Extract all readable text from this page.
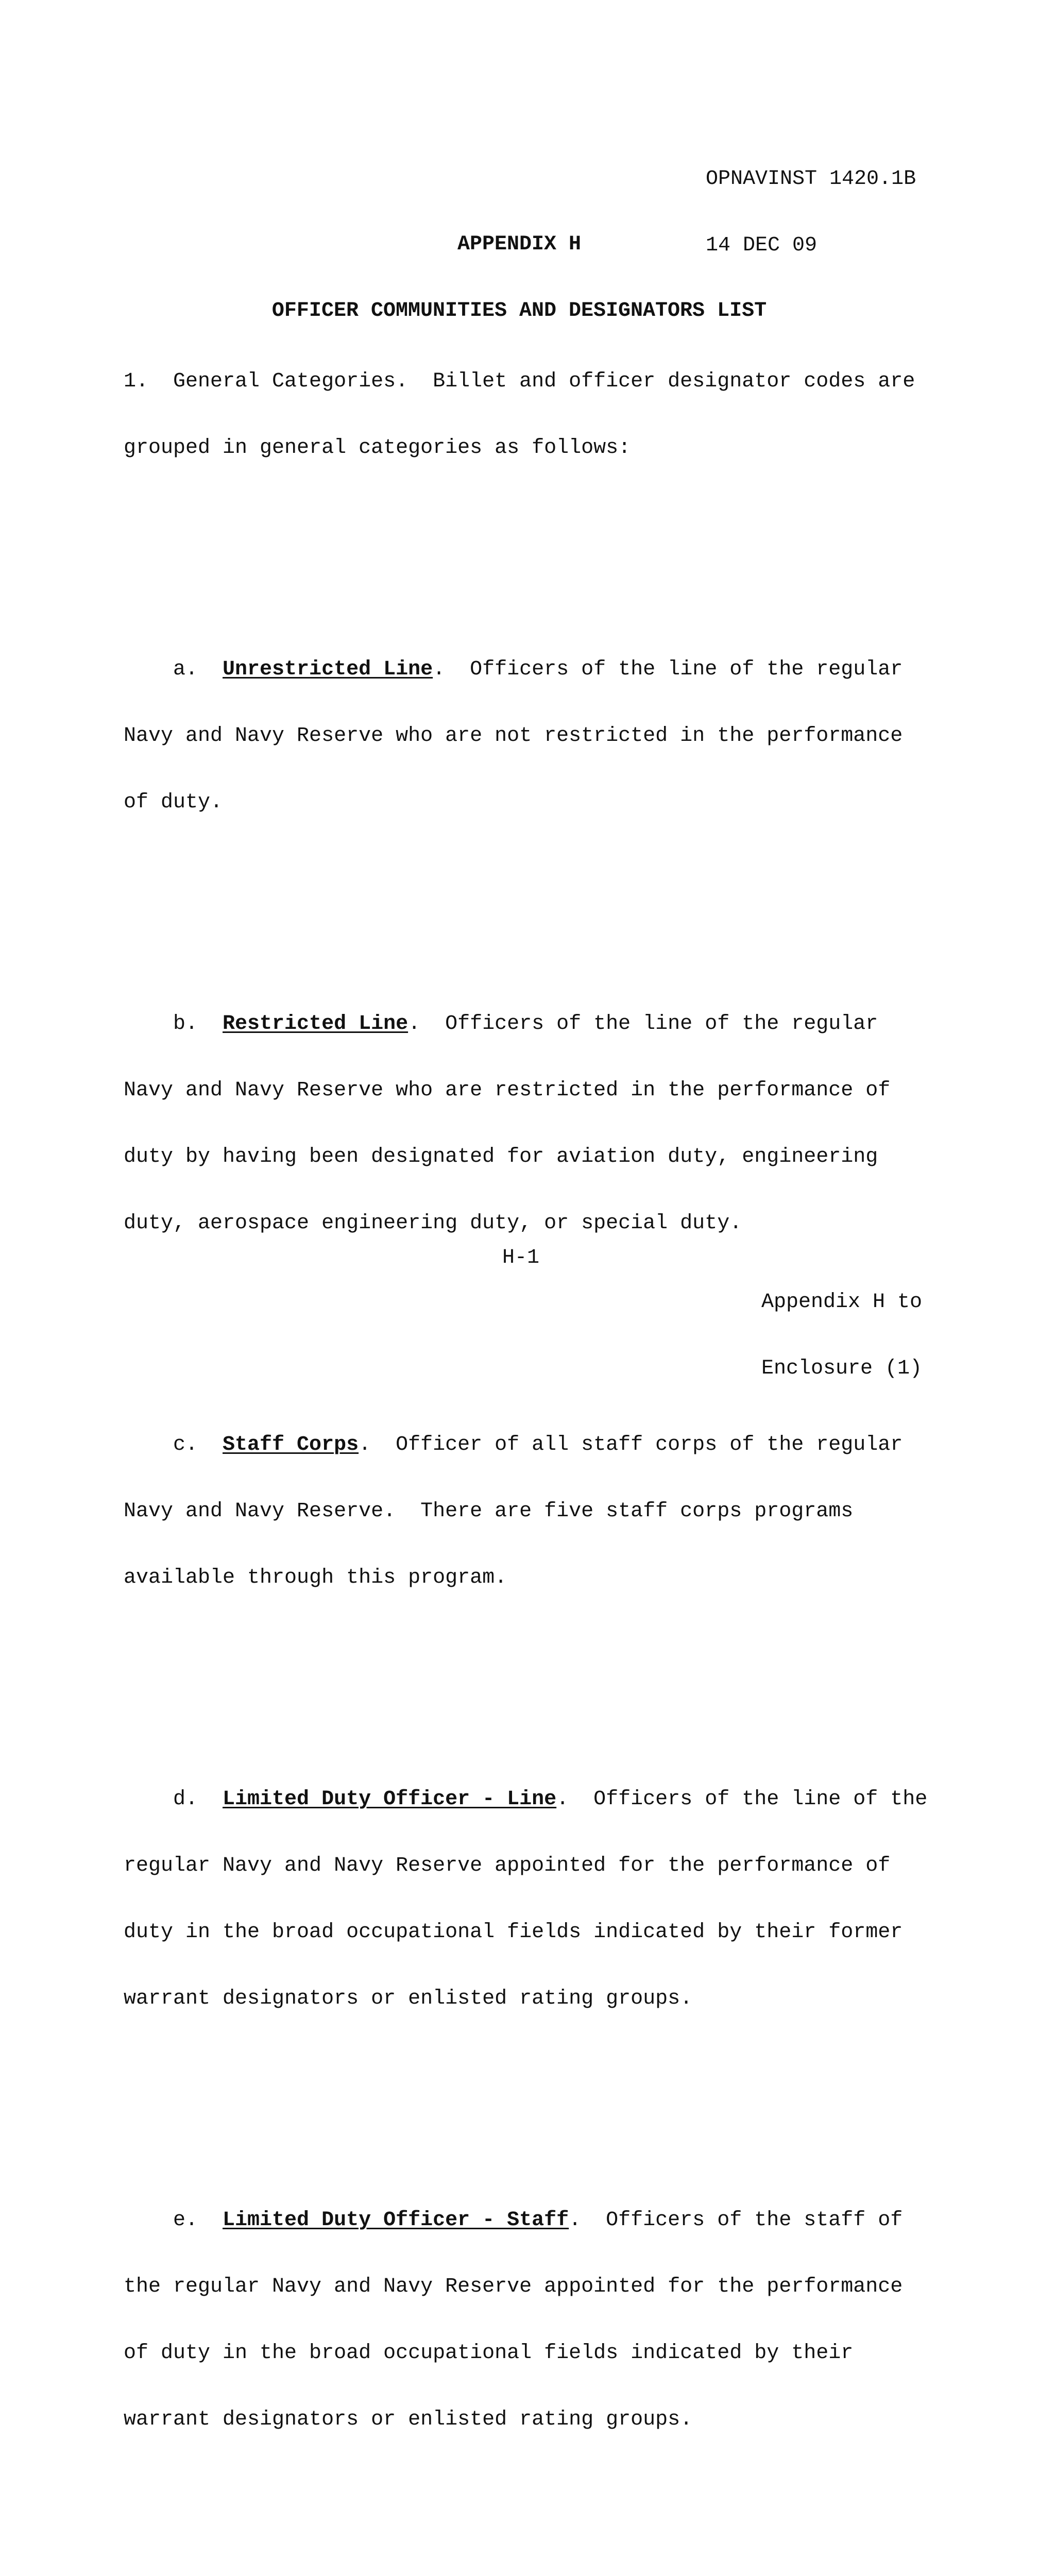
OPNAVINST 1420.1B

14 DEC 09

APPENDIX H

OFFICER COMMUNITIES AND DESIGNATORS LIST

1.  General Categories.  Billet and officer designator codes are

grouped in general categories as follows:

a.  Unrestricted Line.  Officers of the line of the regular

Navy and Navy Reserve who are not restricted in the performance

of duty.

b.  Restricted Line.  Officers of the line of the regular

Navy and Navy Reserve who are restricted in the performance of

duty by having been designated for aviation duty, engineering

duty, aerospace engineering duty, or special duty.

c.  Staff Corps.  Officer of all staff corps of the regular

Navy and Navy Reserve.  There are five staff corps programs

available through this program.

d.  Limited Duty Officer - Line.  Officers of the line of the

regular Navy and Navy Reserve appointed for the performance of

duty in the broad occupational fields indicated by their former

warrant designators or enlisted rating groups.

e.  Limited Duty Officer - Staff.  Officers of the staff of

the regular Navy and Navy Reserve appointed for the performance

of duty in the broad occupational fields indicated by their

warrant designators or enlisted rating groups.

H-1

Appendix H to

Enclosure (1)
